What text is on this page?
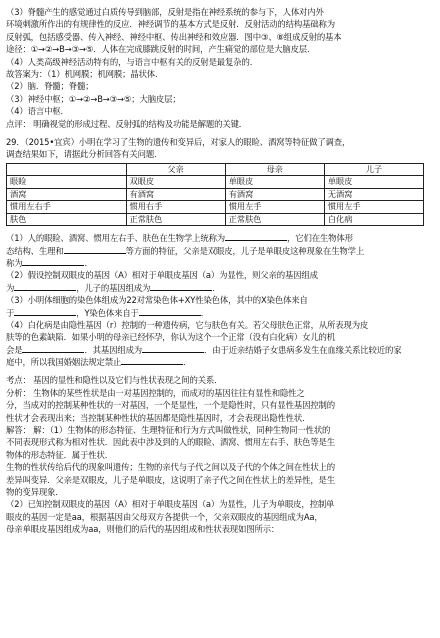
（3）脊髓产生的感觉通过白质传导到脑部，反射是指在神经系统的参与下，人体对内外
环境刺激所作出的有规律性的反应．神经调节的基本方式是反射．反射活动的结构基础称为
反射弧，包括感受器、传入神经、神经中枢、传出神经和效应器．图中③、⑧组成反射的基本
途径：①→②→B→③→⑤．人体在完成膝跳反射的时间，产生痛觉的部位是大脑皮层．
（4）人类高级神经活动特有的，与语言中枢有关的反射是最复杂的．
故答案为：（1）机网膜；机网膜；晶状体．
（2）脑．脊髓；脊髓；
（3）神经中枢；①→②→B→③→⑤；大脑皮层；
（4）语言中枢．
点评： 明确视觉的形成过程、反射弧的结构及功能是解题的关键．
29．（2015•宜宾）小明在学习了生物的遗传和变异后，对家人的眼睑、酒窝等特征做了调查，
调查结果如下，请据此分析回答有关问题．
	父亲	母亲	儿子
眼睑	双眼皮	单眼皮	单眼皮
酒窝	有酒窝	有酒窝	无酒窝
惯用左右手	惯用右手	惯用左手	惯用左手
肤色	正常肤色	正常肤色	白化病
（1）人的眼睑、酒窝、惯用左右手、肤色在生物学上统称为	，它们在生物体形
态结构、生理和	等方面的特征，父亲是双眼皮，儿子是单眼皮这种现象在生物学上
称为	．
（2）假设控制双眼皮的基因（A）相对于单眼皮基因（a）为显性，则父亲的基因组成
为	，儿子的基因组成为	．
（3）小明体细胞的染色体组成为22对常染色体+XY性染色体，其中的X染色体来自
于	，Y染色体来自于	．
（4）白化病是由隐性基因（r）控制的一种遗传病，它与肤色有关。若父母肤色正常，从所表现为皮
肤等的色素缺陷．如果小明的母亲已经怀孕，你认为这个一个正常（没有白化病）女儿的机
会是	．其基因组成为	．由于近亲结婚子女患病多发生在血缘关系比较近的家
庭中，所以我国婚姻法规定禁止	．
考点： 基因的显性和隐性以及它们与性状表现之间的关系．
分析： 生物体的某些性状是由一对基因控制的，而成对的基因往往有显性和隐性之
分，当成对的控制某种性状的一对基因，一个是显性，一个是隐性时，只有显性基因控制的
性状才会表现出来；当控制某种性状的基因都是隐性基因时，才会表现出隐性性状．
解答： 解：（1）生物体的形态特征、生理特征和行为方式叫做性状，同种生物同一性状的
不同表现形式称为相对性状．因此表中涉及到的人的眼睑、酒窝、惯用左右手、肤色等是生
物体的形态特征．属于性状．
生物的性状传给后代的现象叫遗传；生物的亲代与子代之间以及子代的个体之间在性状上的
差异叫变异．父亲是双眼皮，儿子是单眼皮，这说明了亲子代之间在性状上的差异性，是生
物的变异现象．
（2）已知控制双眼皮的基因（A）相对于单眼皮基因（a）为显性，儿子为单眼皮，控制单
眼皮的基因一定是aa，根据基因由父母双方各提供一个，父亲双眼皮的基因组成为Aa，
母亲单眼皮基因组成为aa，则他们的后代的基因组成和性状表现如图所示：
